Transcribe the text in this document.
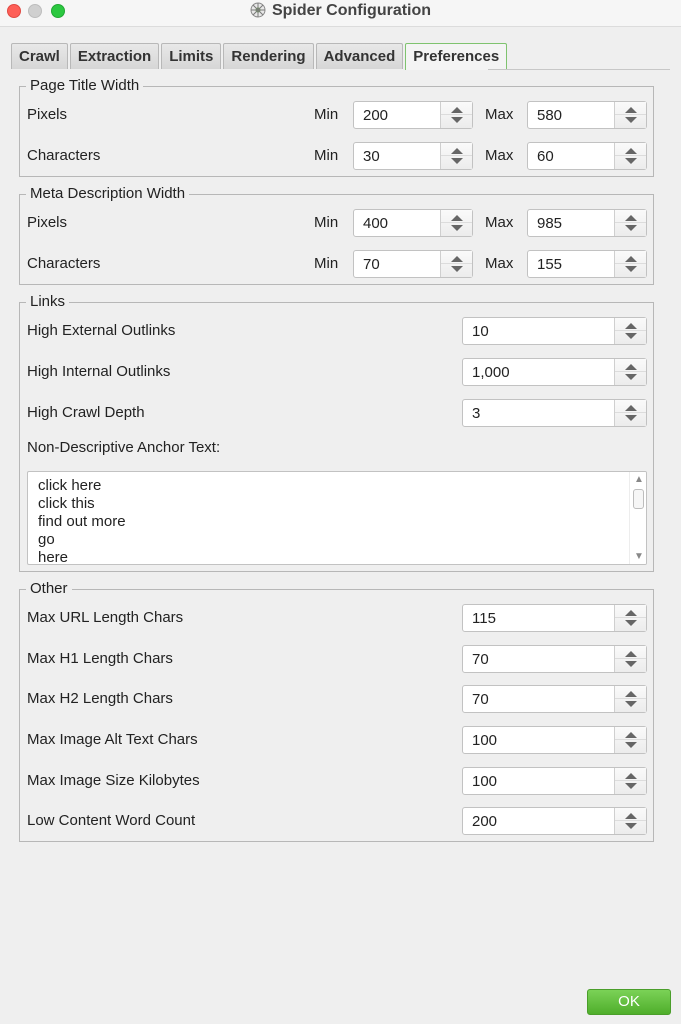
Spider Configuration
Crawl	Extraction	Limits	Rendering	Advanced	Preferences
Page Title Width
Pixels	Min 200	Max 580
Characters	Min 30	Max 60
Meta Description Width
Pixels	Min 400	Max 985
Characters	Min 70	Max 155
Links
High External Outlinks	10
High Internal Outlinks	1,000
High Crawl Depth	3
Non-Descriptive Anchor Text:
click here
click this
find out more
go
here
▲
▼
Other
Max URL Length Chars	115
Max H1 Length Chars	70
Max H2 Length Chars	70
Max Image Alt Text Chars	100
Max Image Size Kilobytes	100
Low Content Word Count	200
OK
